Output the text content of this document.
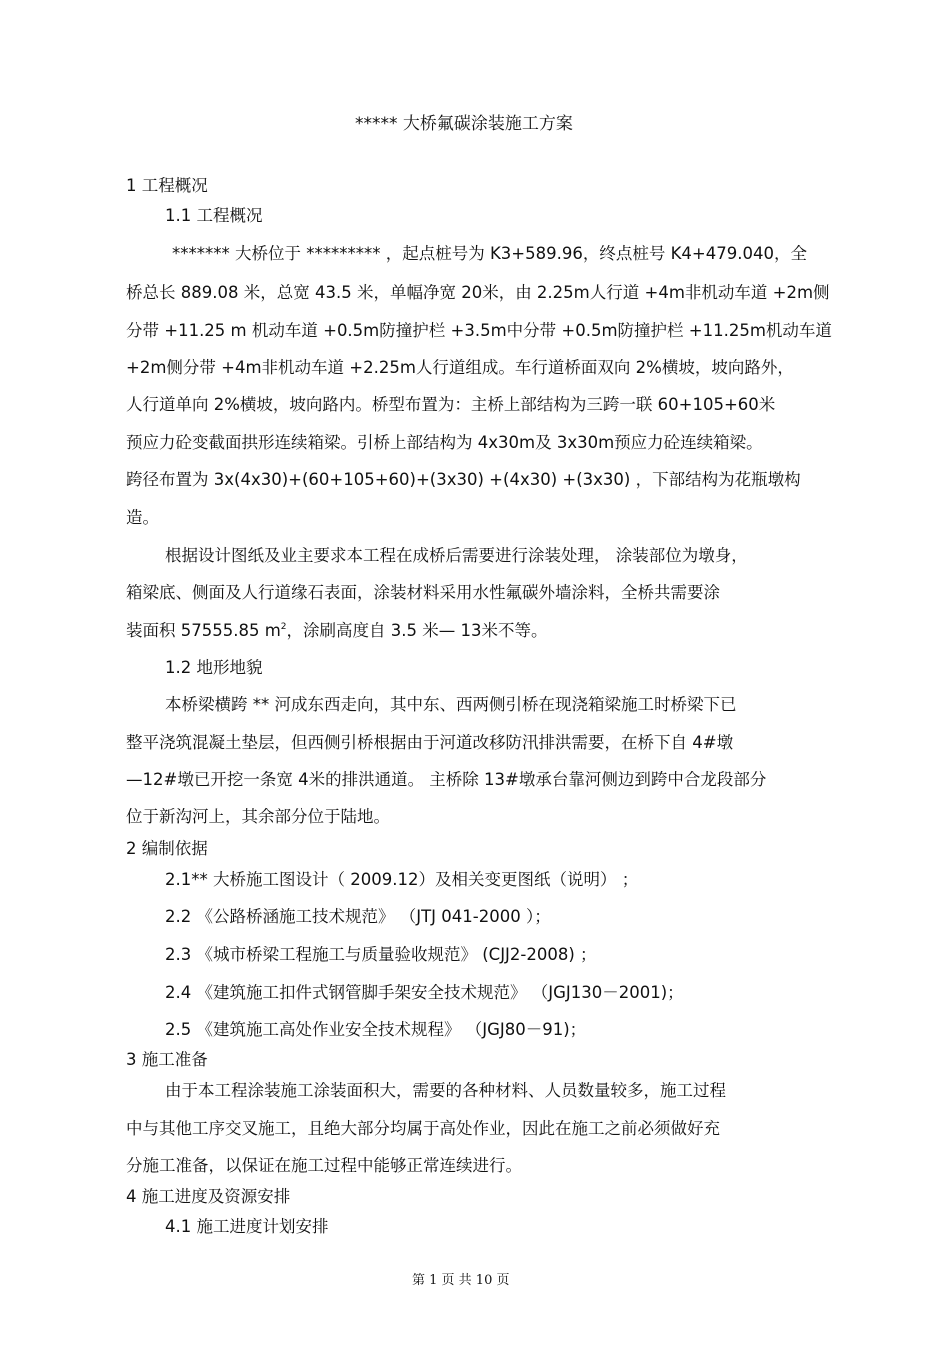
***** 大桥氟碳涂装施工方案
1 工程概况
1.1 工程概况
******* 大桥位于 ********* ，起点桩号为 K3+589.96，终点桩号 K4+479.040，全
桥总长 889.08 米，总宽 43.5 米，单幅净宽 20米，由 2.25m人行道 +4m非机动车道 +2m侧
分带 +11.25 m 机动车道 +0.5m防撞护栏 +3.5m中分带 +0.5m防撞护栏 +11.25m机动车道
+2m侧分带 +4m非机动车道 +2.25m人行道组成。车行道桥面双向 2%横坡，坡向路外，
人行道单向 2%横坡，坡向路内。桥型布置为：主桥上部结构为三跨一联 60+105+60米
预应力砼变截面拱形连续箱梁。引桥上部结构为 4x30m及 3x30m预应力砼连续箱梁。
跨径布置为 3x(4x30)+(60+105+60)+(3x30) +(4x30) +(3x30) ，下部结构为花瓶墩构
造。
根据设计图纸及业主要求本工程在成桥后需要进行涂装处理， 涂装部位为墩身，
箱梁底、侧面及人行道缘石表面，涂装材料采用水性氟碳外墙涂料，全桥共需要涂
装面积 57555.85 $m^2$，涂刷高度自 3.5 米— 13米不等。
1.2 地形地貌
本桥梁横跨 ** 河成东西走向，其中东、西两侧引桥在现浇箱梁施工时桥梁下已
整平浇筑混凝土垫层，但西侧引桥根据由于河道改移防汛排洪需要，在桥下自 4#墩
—12#墩已开挖一条宽 4米的排洪通道。 主桥除 13#墩承台靠河侧边到跨中合龙段部分
位于新沟河上，其余部分位于陆地。
2 编制依据
2.1** 大桥施工图设计（ 2009.12）及相关变更图纸（说明） ；
2.2 《公路桥涵施工技术规范》 （JTJ 041-2000 ）；
2.3 《城市桥梁工程施工与质量验收规范》 (CJJ2-2008) ；
2.4 《建筑施工扣件式钢管脚手架安全技术规范》 （JGJ130－2001)；
2.5 《建筑施工高处作业安全技术规程》 （JGJ80－91)；
3 施工准备
由于本工程涂装施工涂装面积大，需要的各种材料、人员数量较多，施工过程
中与其他工序交叉施工，且绝大部分均属于高处作业，因此在施工之前必须做好充
分施工准备，以保证在施工过程中能够正常连续进行。
4 施工进度及资源安排
4.1 施工进度计划安排
第 1 页 共 10 页
